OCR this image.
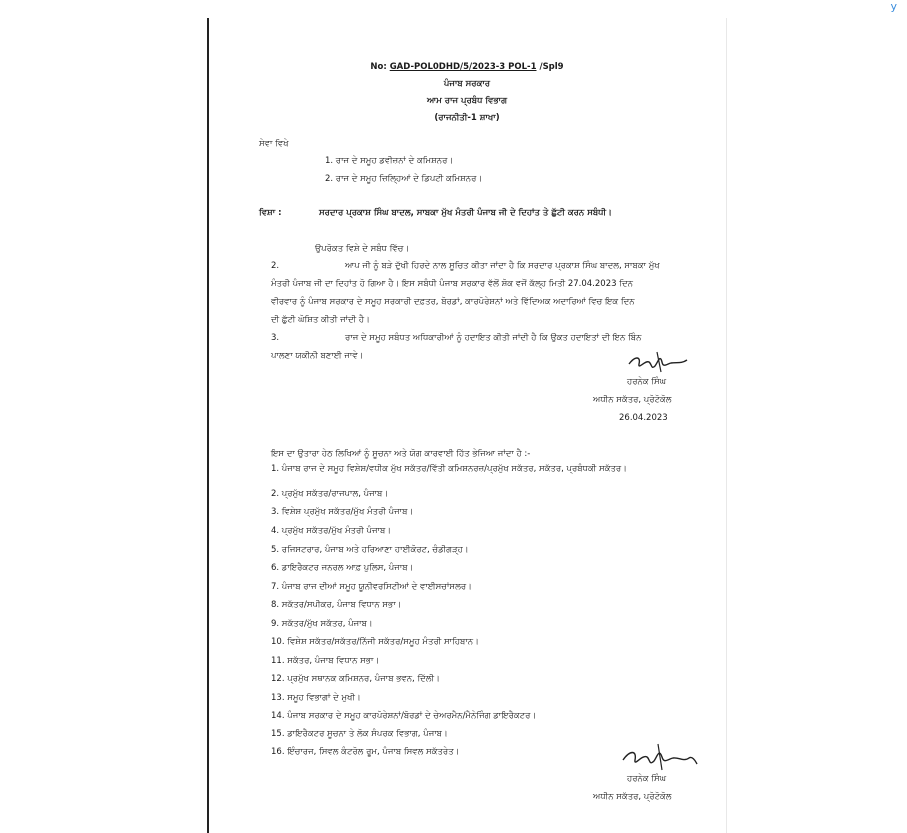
y
No: GAD-POL0DHD/5/2023-3 POL-1 /Spl9
ਪੰਜਾਬ ਸਰਕਾਰ
ਆਮ ਰਾਜ ਪ੍ਰਬੰਧ ਵਿਭਾਗ
(ਰਾਜਨੀਤੀ-1 ਸ਼ਾਖਾ)
ਸੇਵਾ ਵਿਖੇ
1. ਰਾਜ ਦੇ ਸਮੂਹ ਡਵੀਜ਼ਨਾਂ ਦੇ ਕਮਿਸ਼ਨਰ।
2. ਰਾਜ ਦੇ ਸਮੂਹ ਜ਼ਿਲ੍ਹਿਆਂ ਦੇ ਡਿਪਟੀ ਕਮਿਸ਼ਨਰ।
ਵਿਸ਼ਾ :	ਸਰਦਾਰ ਪ੍ਰਕਾਸ਼ ਸਿੰਘ ਬਾਦਲ, ਸਾਬਕਾ ਮੁੱਖ ਮੰਤਰੀ ਪੰਜਾਬ ਜੀ ਦੇ ਦਿਹਾਂਤ ਤੇ ਛੁੱਟੀ ਕਰਨ ਸਬੰਧੀ।
ਉਪਰੋਕਤ ਵਿਸ਼ੇ ਦੇ ਸਬੰਧ ਵਿੱਚ।
2.	ਆਪ ਜੀ ਨੂੰ ਬੜੇ ਦੁੱਖੀ ਹਿਰਦੇ ਨਾਲ ਸੂਚਿਤ ਕੀਤਾ ਜਾਂਦਾ ਹੈ ਕਿ ਸਰਦਾਰ ਪ੍ਰਕਾਸ਼ ਸਿੰਘ ਬਾਦਲ, ਸਾਬਕਾ ਮੁੱਖ
ਮੰਤਰੀ ਪੰਜਾਬ ਜੀ ਦਾ ਦਿਹਾਂਤ ਹੋ ਗਿਆ ਹੈ। ਇਸ ਸਬੰਧੀ ਪੰਜਾਬ ਸਰਕਾਰ ਵੱਲੋਂ ਸ਼ੋਕ ਵਜੋਂ ਕੱਲ੍ਹ ਮਿਤੀ 27.04.2023 ਦਿਨ
ਵੀਰਵਾਰ ਨੂੰ ਪੰਜਾਬ ਸਰਕਾਰ ਦੇ ਸਮੂਹ ਸਰਕਾਰੀ ਦਫ਼ਤਰ, ਬੋਰਡਾਂ, ਕਾਰਪੋਰੇਸ਼ਨਾਂ ਅਤੇ ਵਿੱਦਿਅਕ ਅਦਾਰਿਆਂ ਵਿਚ ਇਕ ਦਿਨ
ਦੀ ਛੁੱਟੀ ਘੋਸ਼ਿਤ ਕੀਤੀ ਜਾਂਦੀ ਹੈ।
3.	ਰਾਜ ਦੇ ਸਮੂਹ ਸਬੰਧਤ ਅਧਿਕਾਰੀਆਂ ਨੂੰ ਹਦਾਇਤ ਕੀਤੀ ਜਾਂਦੀ ਹੈ ਕਿ ਉਕਤ ਹਦਾਇਤਾਂ ਦੀ ਇਨ ਬਿੰਨ
ਪਾਲਣਾ ਯਕੀਨੀ ਬਣਾਈ ਜਾਵੇ।
ਹਰਨੇਕ ਸਿੰਘ
ਅਧੀਨ ਸਕੱਤਰ, ਪ੍ਰੋਟੋਕੋਲ
26.04.2023
ਇਸ ਦਾ ਉਤਾਰਾ ਹੇਠ ਲਿਖਿਆਂ ਨੂੰ ਸੂਚਨਾ ਅਤੇ ਯੋਗ ਕਾਰਵਾਈ ਹਿੱਤ ਭੇਜਿਆ ਜਾਂਦਾ ਹੈ :-
1. ਪੰਜਾਬ ਰਾਜ ਦੇ ਸਮੂਹ ਵਿਸ਼ੇਸ਼/ਵਧੀਕ ਮੁੱਖ ਸਕੱਤਰ/ਵਿੱਤੀ ਕਮਿਸ਼ਨਰਜ਼/ਪ੍ਰਮੁੱਖ ਸਕੱਤਰ, ਸਕੱਤਰ, ਪ੍ਰਬੰਧਕੀ ਸਕੱਤਰ।
2. ਪ੍ਰਮੁੱਖ ਸਕੱਤਰ/ਰਾਜਪਾਲ, ਪੰਜਾਬ।
3. ਵਿਸ਼ੇਸ਼ ਪ੍ਰਮੁੱਖ ਸਕੱਤਰ/ਮੁੱਖ ਮੰਤਰੀ ਪੰਜਾਬ।
4. ਪ੍ਰਮੁੱਖ ਸਕੱਤਰ/ਮੁੱਖ ਮੰਤਰੀ ਪੰਜਾਬ।
5. ਰਜਿਸਟਰਾਰ, ਪੰਜਾਬ ਅਤੇ ਹਰਿਆਣਾ ਹਾਈਕੋਰਟ, ਚੰਡੀਗੜ੍ਹ।
6. ਡਾਇਰੈਕਟਰ ਜਨਰਲ ਆਫ਼ ਪੁਲਿਸ, ਪੰਜਾਬ।
7. ਪੰਜਾਬ ਰਾਜ ਦੀਆਂ ਸਮੂਹ ਯੂਨੀਵਰਸਿਟੀਆਂ ਦੇ ਵਾਈਸਚਾਂਸਲਰ।
8. ਸਕੱਤਰ/ਸਪੀਕਰ, ਪੰਜਾਬ ਵਿਧਾਨ ਸਭਾ।
9. ਸਕੱਤਰ/ਮੁੱਖ ਸਕੱਤਰ, ਪੰਜਾਬ।
10. ਵਿਸ਼ੇਸ਼ ਸਕੱਤਰ/ਸਕੱਤਰ/ਨਿੱਜੀ ਸਕੱਤਰ/ਸਮੂਹ ਮੰਤਰੀ ਸਾਹਿਬਾਨ।
11. ਸਕੱਤਰ, ਪੰਜਾਬ ਵਿਧਾਨ ਸਭਾ।
12. ਪ੍ਰਮੁੱਖ ਸਥਾਨਕ ਕਮਿਸ਼ਨਰ, ਪੰਜਾਬ ਭਵਨ, ਦਿੱਲੀ।
13. ਸਮੂਹ ਵਿਭਾਗਾਂ ਦੇ ਮੁਖੀ।
14. ਪੰਜਾਬ ਸਰਕਾਰ ਦੇ ਸਮੂਹ ਕਾਰਪੋਰੇਸ਼ਨਾਂ/ਬੋਰਡਾਂ ਦੇ ਚੇਅਰਮੈਨ/ਮੈਨੇਜਿੰਗ ਡਾਇਰੈਕਟਰ।
15. ਡਾਇਰੈਕਟਰ ਸੂਚਨਾ ਤੇ ਲੋਕ ਸੰਪਰਕ ਵਿਭਾਗ, ਪੰਜਾਬ।
16. ਇੰਚਾਰਜ, ਸਿਵਲ ਕੰਟਰੋਲ ਰੂਮ, ਪੰਜਾਬ ਸਿਵਲ ਸਕੱਤਰੇਤ।
ਹਰਨੇਕ ਸਿੰਘ
ਅਧੀਨ ਸਕੱਤਰ, ਪ੍ਰੋਟੋਕੋਲ
